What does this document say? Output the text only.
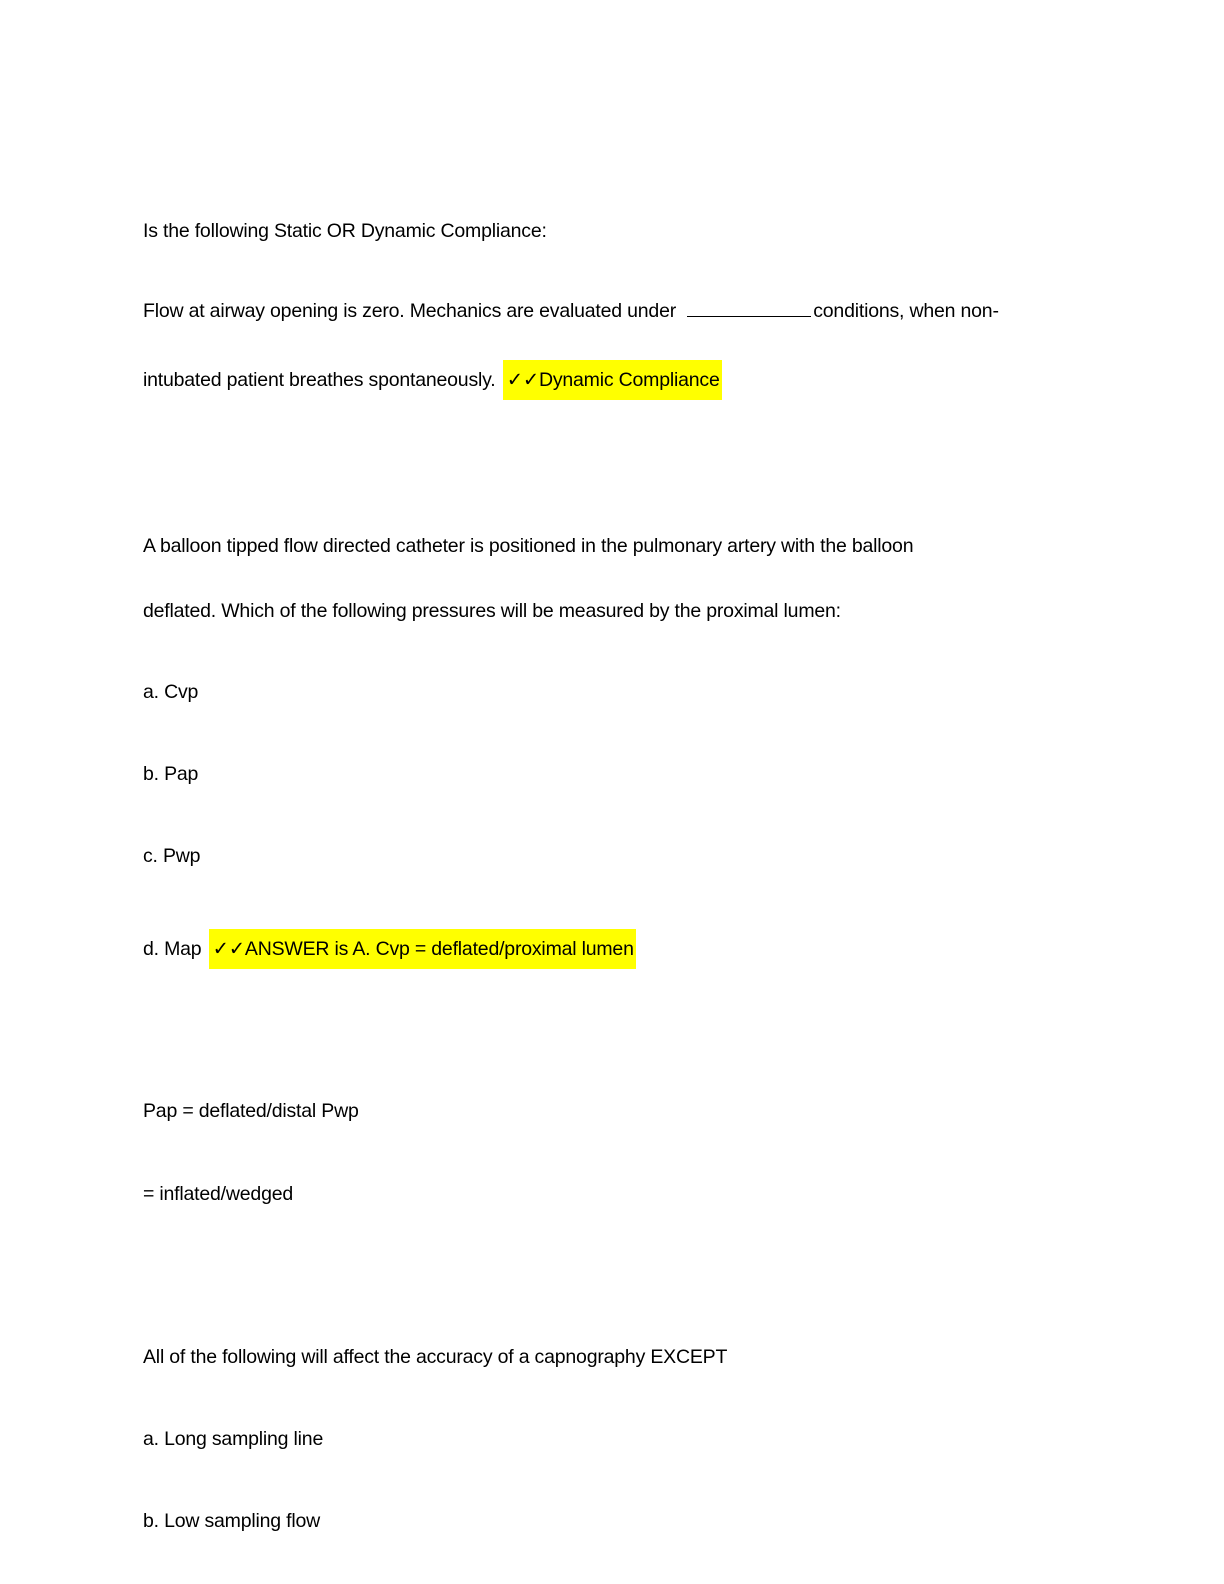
Is the following Static OR Dynamic Compliance:
Flow at airway opening is zero. Mechanics are evaluated under	conditions, when non-
intubated patient breathes spontaneously. ✓✓Dynamic Compliance
A balloon tipped flow directed catheter is positioned in the pulmonary artery with the balloon
deflated. Which of the following pressures will be measured by the proximal lumen:
a. Cvp
b. Pap
c. Pwp
d. Map ✓✓ANSWER is A. Cvp = deflated/proximal lumen
Pap = deflated/distal Pwp
= inflated/wedged
All of the following will affect the accuracy of a capnography EXCEPT
a. Long sampling line
b. Low sampling flow
